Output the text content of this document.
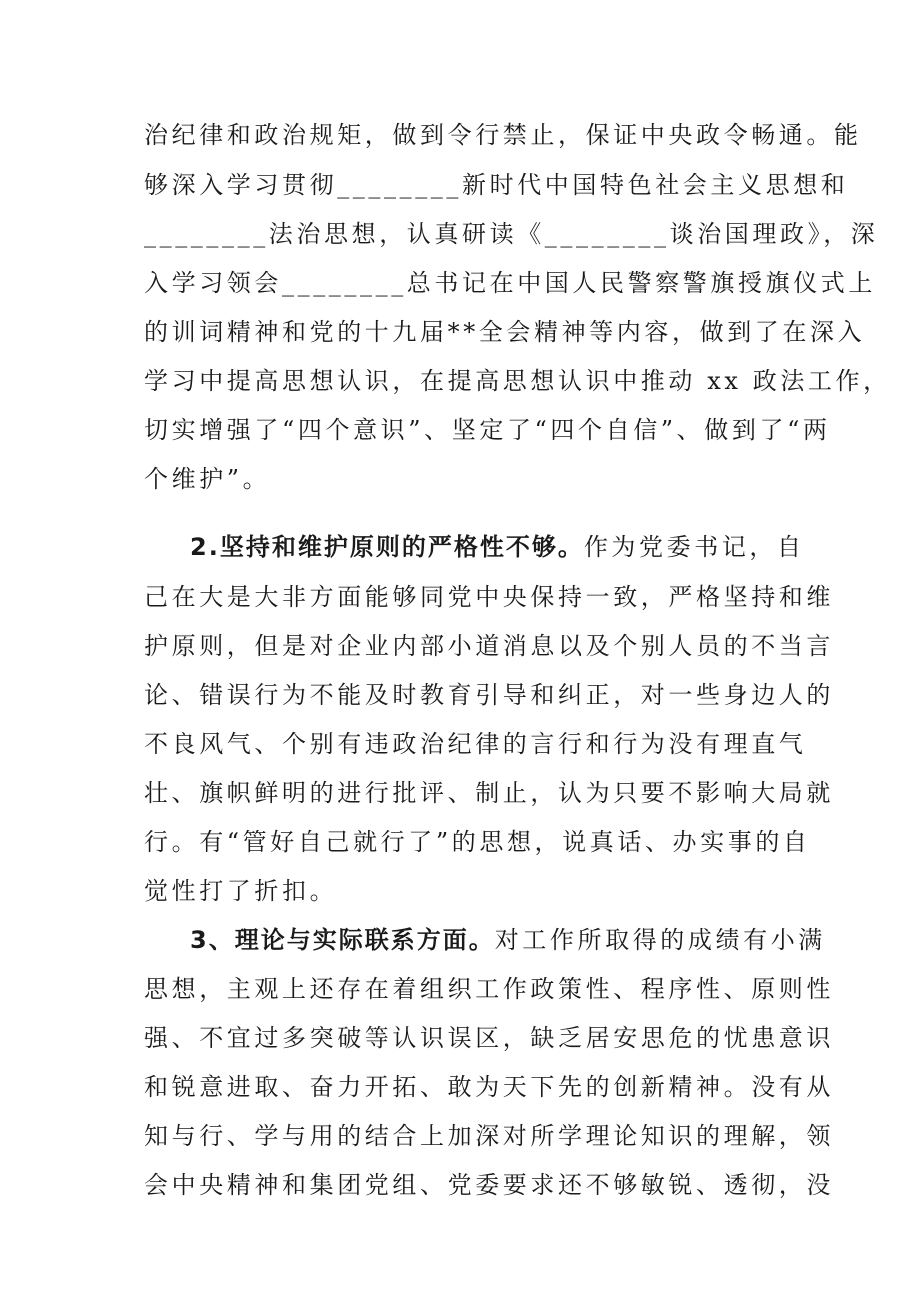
治纪律和政治规矩，做到令行禁止，保证中央政令畅通。能
够深入学习贯彻________新时代中国特色社会主义思想和
________法治思想，认真研读《________谈治国理政》，深
入学习领会________总书记在中国人民警察警旗授旗仪式上
的训词精神和党的十九届**全会精神等内容，做到了在深入
学习中提高思想认识，在提高思想认识中推动 xx 政法工作，
切实增强了“四个意识”、坚定了“四个自信”、做到了“两
个维护”。
2.坚持和维护原则的严格性不够。作为党委书记，自
己在大是大非方面能够同党中央保持一致，严格坚持和维
护原则，但是对企业内部小道消息以及个别人员的不当言
论、错误行为不能及时教育引导和纠正，对一些身边人的
不良风气、个别有违政治纪律的言行和行为没有理直气
壮、旗帜鲜明的进行批评、制止，认为只要不影响大局就
行。有“管好自己就行了”的思想，说真话、办实事的自
觉性打了折扣。
3、理论与实际联系方面。对工作所取得的成绩有小满
思想，主观上还存在着组织工作政策性、程序性、原则性
强、不宜过多突破等认识误区，缺乏居安思危的忧患意识
和锐意进取、奋力开拓、敢为天下先的创新精神。没有从
知与行、学与用的结合上加深对所学理论知识的理解，领
会中央精神和集团党组、党委要求还不够敏锐、透彻，没
